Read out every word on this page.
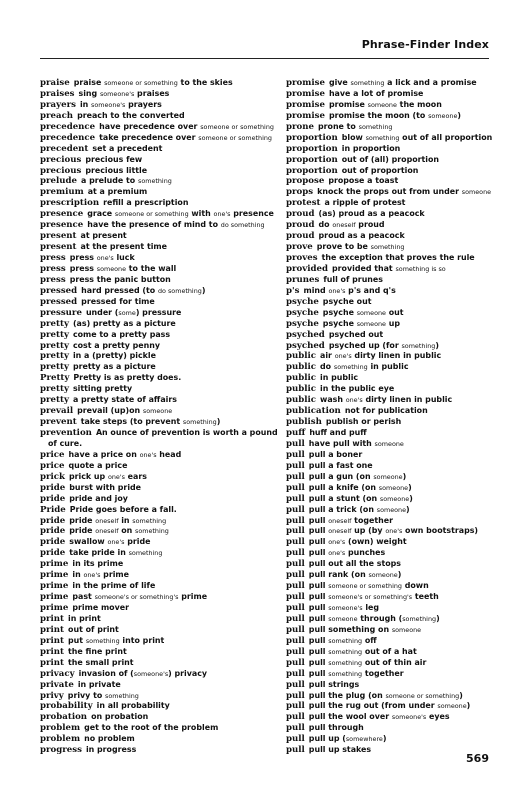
Phrase-Finder Index
praise praise someone or something to the skies
praises sing someone's praises
prayers in someone's prayers
preach preach to the converted
precedence have precedence over someone or something
precedence take precedence over someone or something
precedent set a precedent
precious precious few
precious precious little
prelude a prelude to something
premium at a premium
prescription refill a prescription
presence grace someone or something with one's presence
presence have the presence of mind to do something
present at present
present at the present time
press press one's luck
press press someone to the wall
press press the panic button
pressed hard pressed (to do something)
pressed pressed for time
pressure under (some) pressure
pretty (as) pretty as a picture
pretty come to a pretty pass
pretty cost a pretty penny
pretty in a (pretty) pickle
pretty pretty as a picture
Pretty Pretty is as pretty does.
pretty sitting pretty
pretty a pretty state of affairs
prevail prevail (up)on someone
prevent take steps (to prevent something)
prevention An ounce of prevention is worth a pound
of cure.
price have a price on one's head
price quote a price
prick prick up one's ears
pride burst with pride
pride pride and joy
Pride Pride goes before a fall.
pride pride oneself in something
pride pride oneself on something
pride swallow one's pride
pride take pride in something
prime in its prime
prime in one's prime
prime in the prime of life
prime past someone's or something's prime
prime prime mover
print in print
print out of print
print put something into print
print the fine print
print the small print
privacy invasion of (someone's) privacy
private in private
privy privy to something
probability in all probability
probation on probation
problem get to the root of the problem
problem no problem
progress in progress
promise give something a lick and a promise
promise have a lot of promise
promise promise someone the moon
promise promise the moon (to someone)
prone prone to something
proportion blow something out of all proportion
proportion in proportion
proportion out of (all) proportion
proportion out of proportion
propose propose a toast
props knock the props out from under someone
protest a ripple of protest
proud (as) proud as a peacock
proud do oneself proud
proud proud as a peacock
prove prove to be something
proves the exception that proves the rule
provided provided that something is so
prunes full of prunes
p's mind one's p's and q's
psyche psyche out
psyche psyche someone out
psyche psyche someone up
psyched psyched out
psyched psyched up (for something)
public air one's dirty linen in public
public do something in public
public in public
public in the public eye
public wash one's dirty linen in public
publication not for publication
publish publish or perish
puff huff and puff
pull have pull with someone
pull pull a boner
pull pull a fast one
pull pull a gun (on someone)
pull pull a knife (on someone)
pull pull a stunt (on someone)
pull pull a trick (on someone)
pull pull oneself together
pull pull oneself up (by one's own bootstraps)
pull pull one's (own) weight
pull pull one's punches
pull pull out all the stops
pull pull rank (on someone)
pull pull someone or something down
pull pull someone's or something's teeth
pull pull someone's leg
pull pull someone through (something)
pull pull something on someone
pull pull something off
pull pull something out of a hat
pull pull something out of thin air
pull pull something together
pull pull strings
pull pull the plug (on someone or something)
pull pull the rug out (from under someone)
pull pull the wool over someone's eyes
pull pull through
pull pull up (somewhere)
pull pull up stakes
569
